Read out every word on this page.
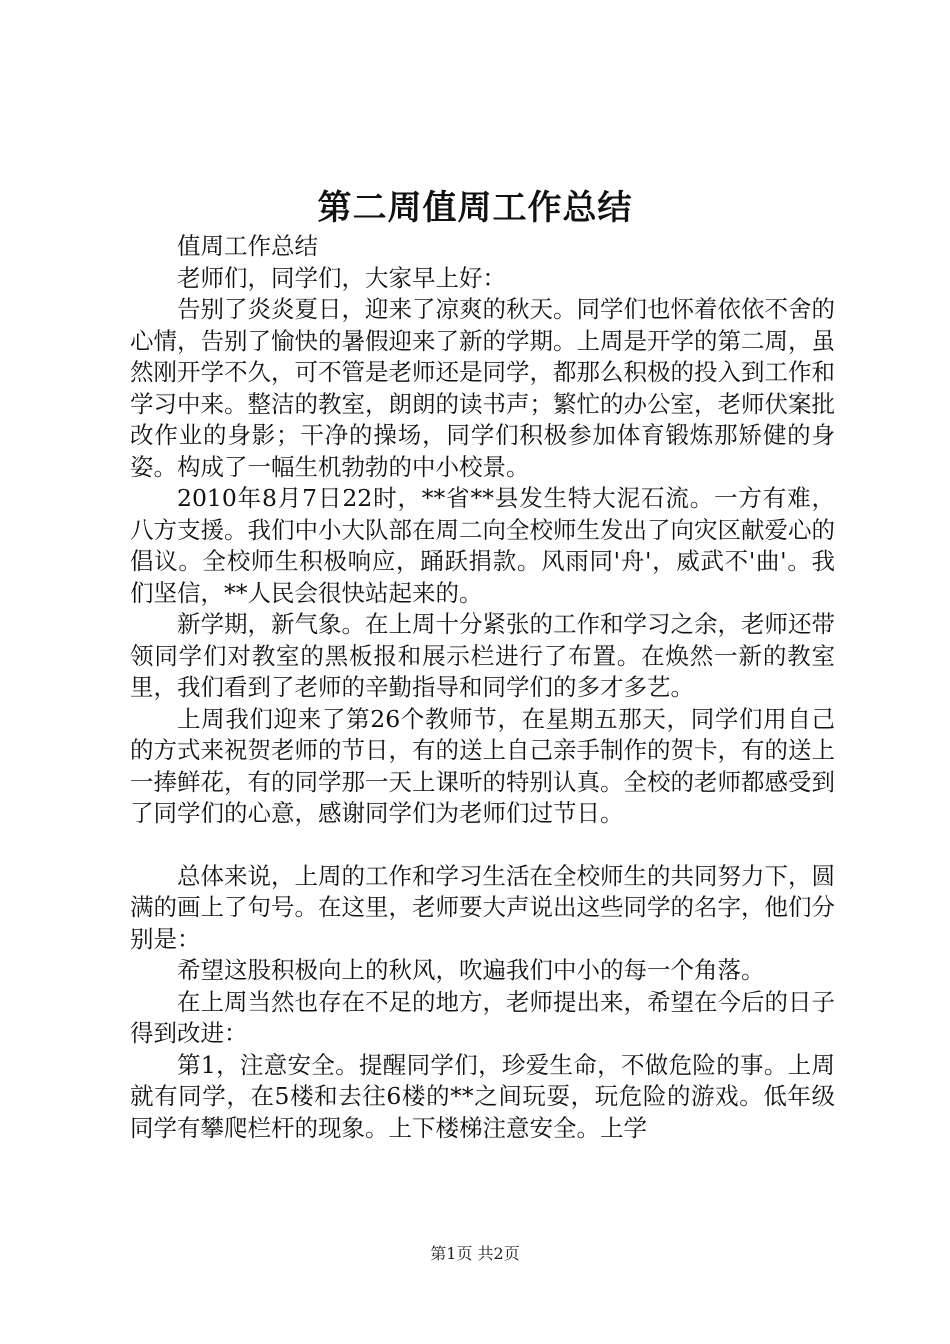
第二周值周工作总结

值周工作总结

老师们，同学们，大家早上好：

告别了炎炎夏日，迎来了凉爽的秋天。同学们也怀着依依不舍的心情，告别了愉快的暑假迎来了新的学期。上周是开学的第二周，虽然刚开学不久，可不管是老师还是同学，都那么积极的投入到工作和学习中来。整洁的教室，朗朗的读书声；繁忙的办公室，老师伏案批改作业的身影；干净的操场，同学们积极参加体育锻炼那矫健的身姿。构成了一幅生机勃勃的中小校景。

2010年8月7日22时，**省**县发生特大泥石流。一方有难，八方支援。我们中小大队部在周二向全校师生发出了向灾区献爱心的倡议。全校师生积极响应，踊跃捐款。风雨同'舟'，威武不'曲'。我们坚信，**人民会很快站起来的。

新学期，新气象。在上周十分紧张的工作和学习之余，老师还带领同学们对教室的黑板报和展示栏进行了布置。在焕然一新的教室里，我们看到了老师的辛勤指导和同学们的多才多艺。

上周我们迎来了第26个教师节，在星期五那天，同学们用自己的方式来祝贺老师的节日，有的送上自己亲手制作的贺卡，有的送上一捧鲜花，有的同学那一天上课听的特别认真。全校的老师都感受到了同学们的心意，感谢同学们为老师们过节日。

总体来说，上周的工作和学习生活在全校师生的共同努力下，圆满的画上了句号。在这里，老师要大声说出这些同学的名字，他们分别是：

希望这股积极向上的秋风，吹遍我们中小的每一个角落。

在上周当然也存在不足的地方，老师提出来，希望在今后的日子得到改进：

第1，注意安全。提醒同学们，珍爱生命，不做危险的事。上周就有同学，在5楼和去往6楼的**之间玩耍，玩危险的游戏。低年级同学有攀爬栏杆的现象。上下楼梯注意安全。上学

第1页 共2页
